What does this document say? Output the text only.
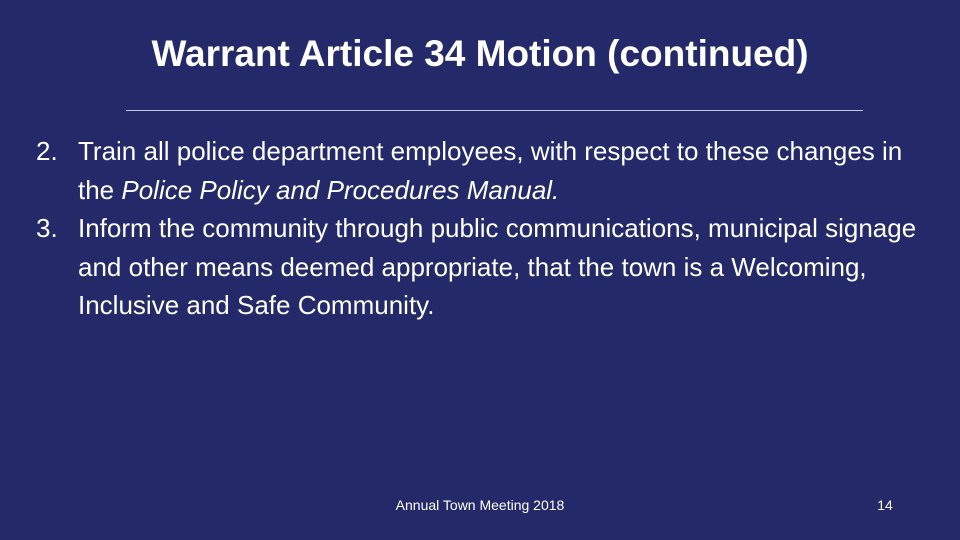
Warrant Article 34 Motion (continued)
2. Train all police department employees, with respect to these changes in the Police Policy and Procedures Manual.
3. Inform the community through public communications, municipal signage and other means deemed appropriate, that the town is a Welcoming, Inclusive and Safe Community.
Annual Town Meeting 2018	14
